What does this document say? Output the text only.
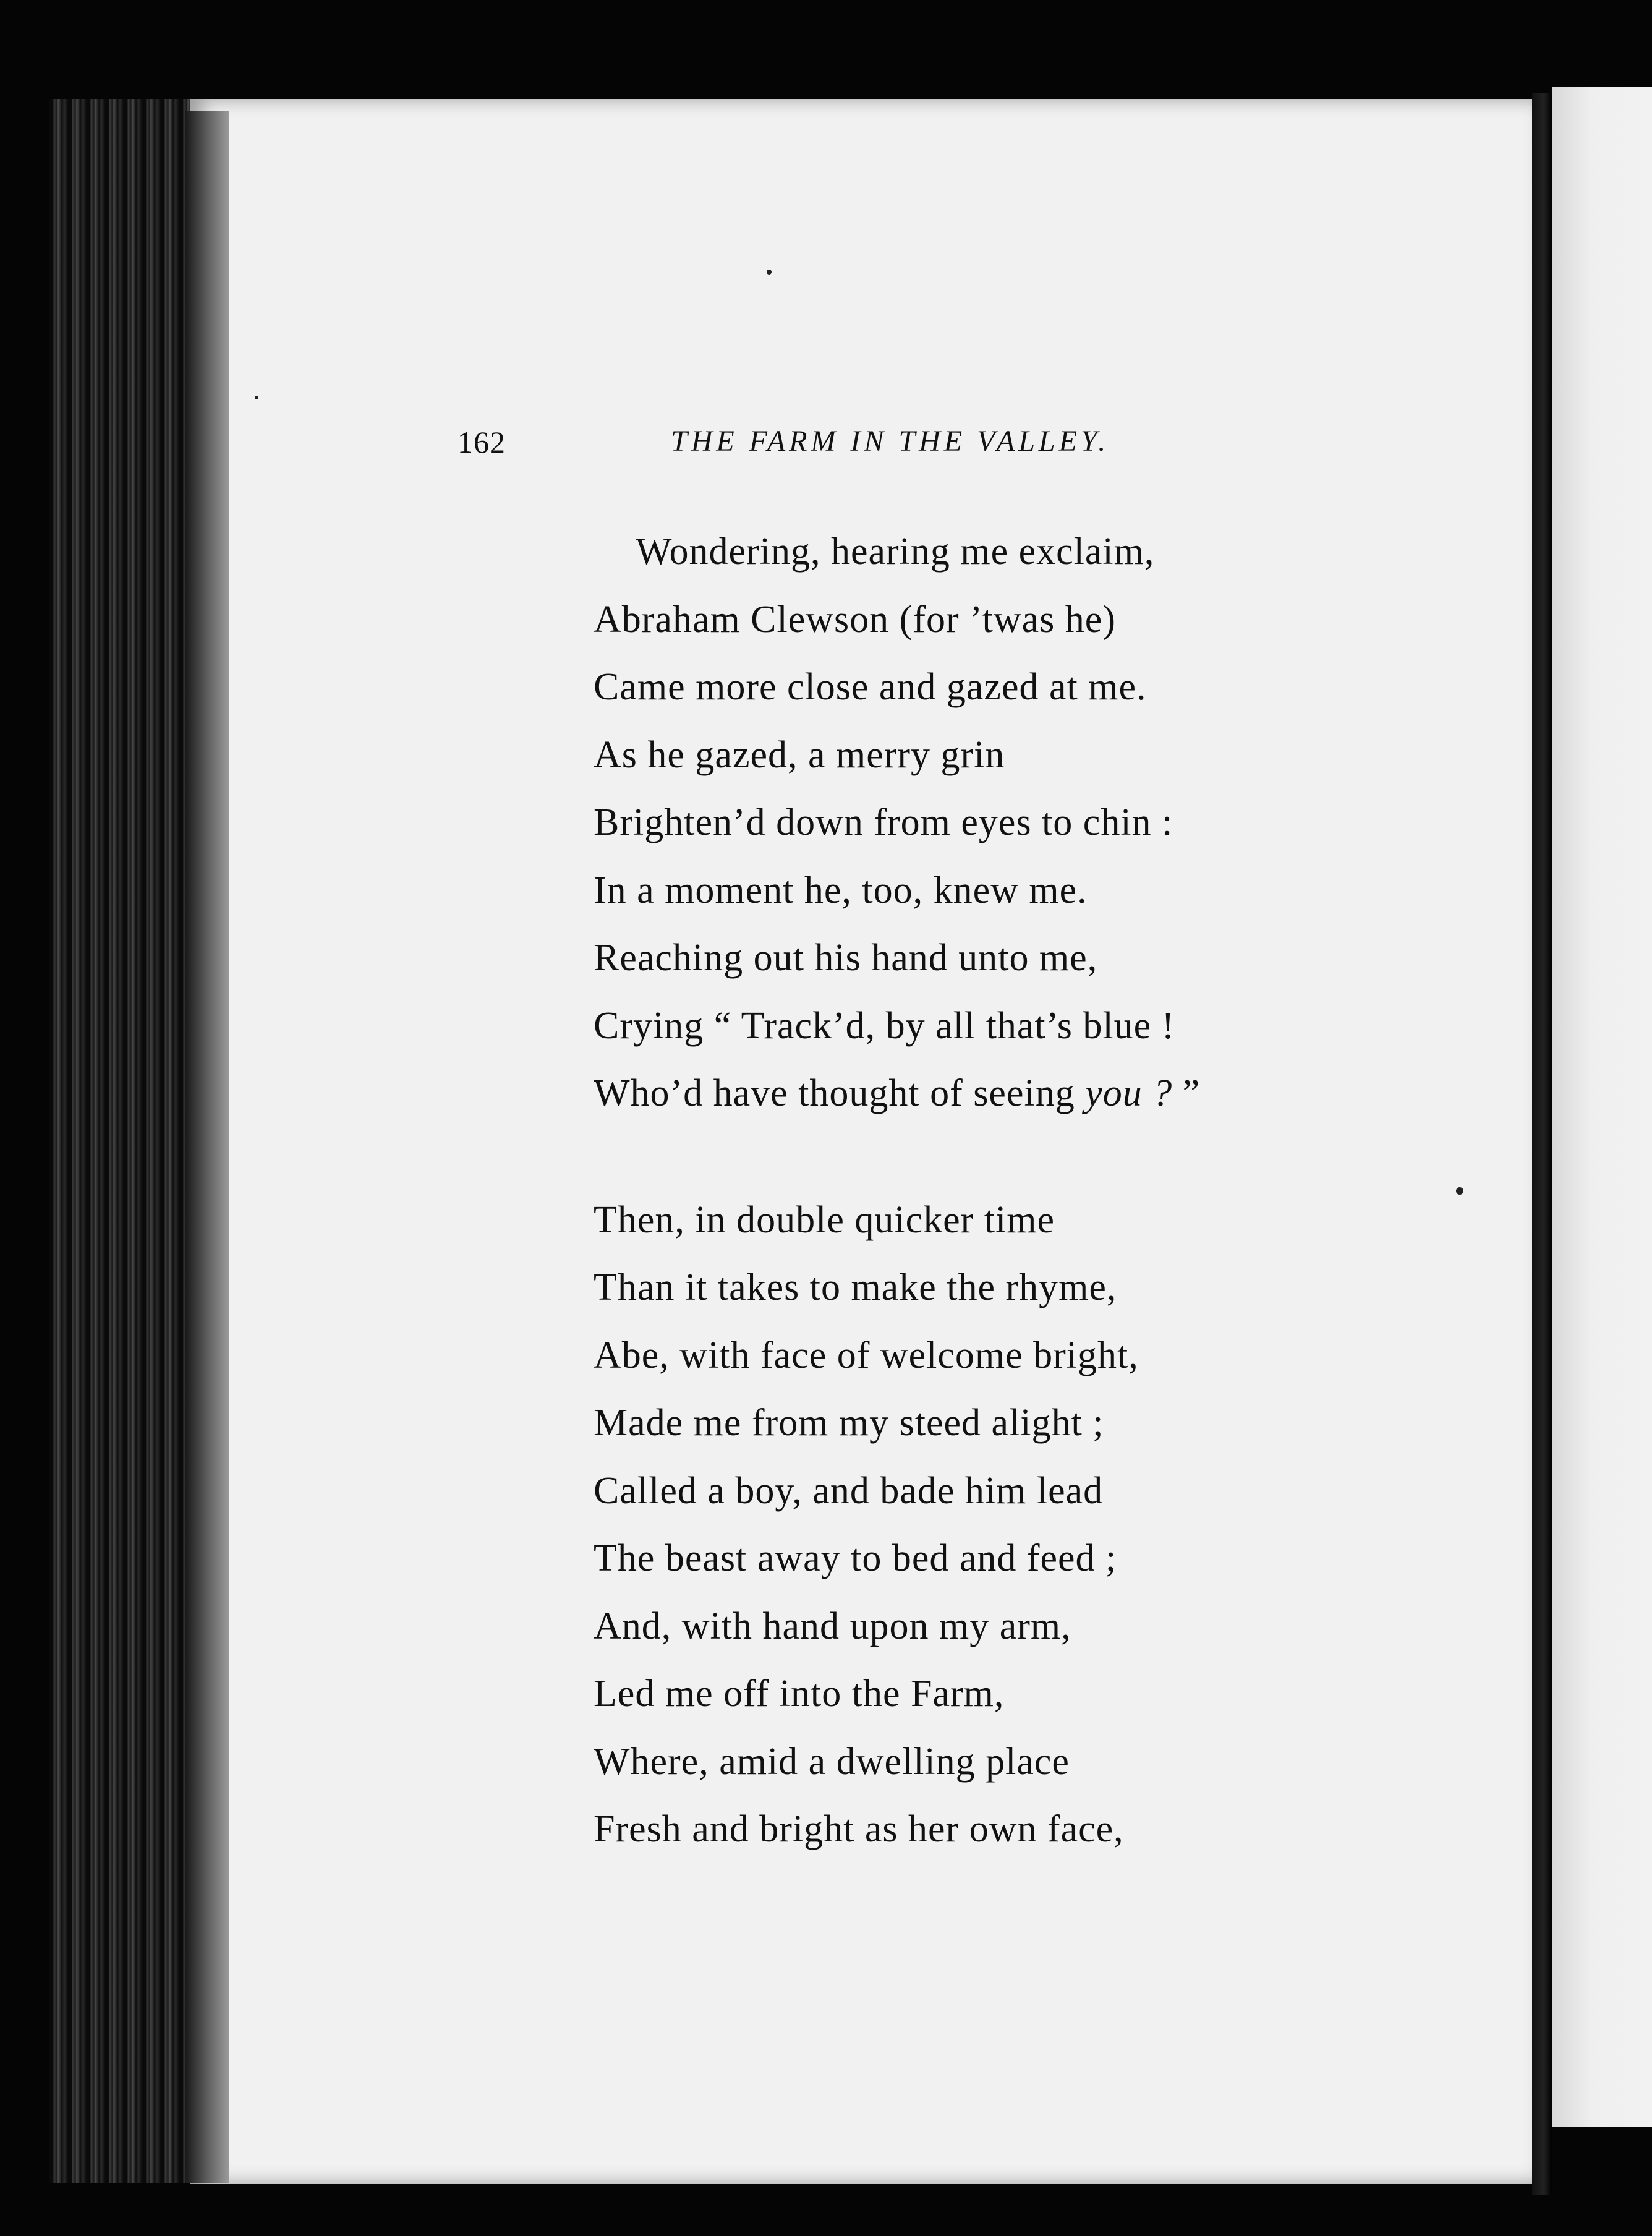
162	THE FARM IN THE VALLEY.
Wondering, hearing me exclaim,
Abraham Clewson (for ’twas he)
Came more close and gazed at me.
As he gazed, a merry grin
Brighten’d down from eyes to chin :
In a moment he, too, knew me.
Reaching out his hand unto me,
Crying “ Track’d, by all that’s blue !
Who’d have thought of seeing you ? ”
Then, in double quicker time
Than it takes to make the rhyme,
Abe, with face of welcome bright,
Made me from my steed alight ;
Called a boy, and bade him lead
The beast away to bed and feed ;
And, with hand upon my arm,
Led me off into the Farm,
Where, amid a dwelling place
Fresh and bright as her own face,
